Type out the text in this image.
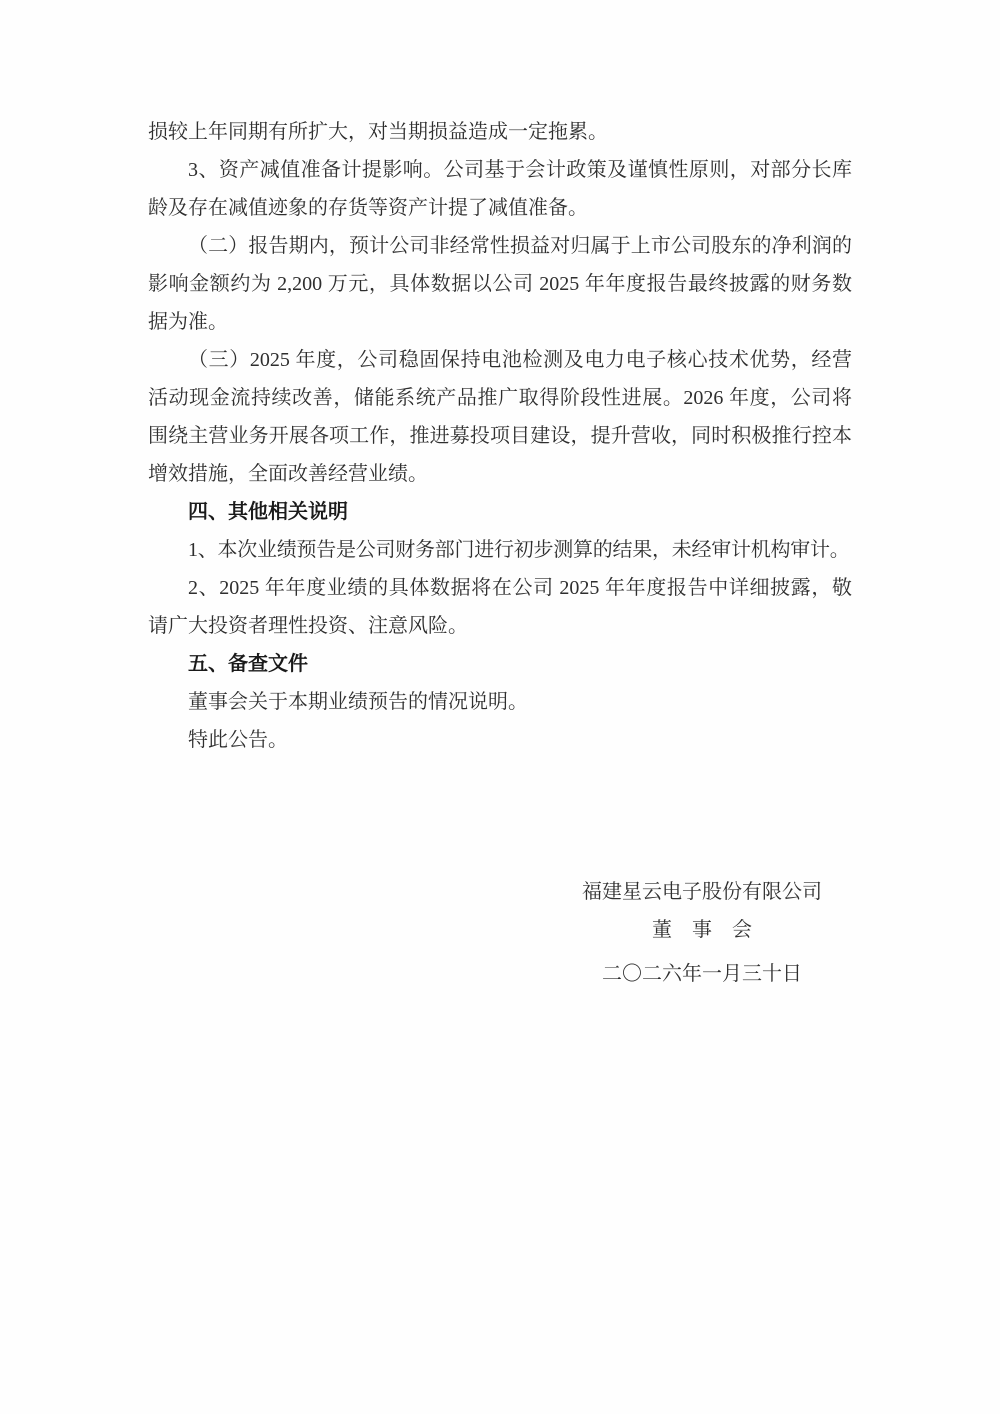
损较上年同期有所扩大，对当期损益造成一定拖累。

3、资产减值准备计提影响。公司基于会计政策及谨慎性原则，对部分长库龄及存在减值迹象的存货等资产计提了减值准备。

（二）报告期内，预计公司非经常性损益对归属于上市公司股东的净利润的影响金额约为 2,200 万元，具体数据以公司 2025 年年度报告最终披露的财务数据为准。

（三）2025 年度，公司稳固保持电池检测及电力电子核心技术优势，经营活动现金流持续改善，储能系统产品推广取得阶段性进展。2026 年度，公司将围绕主营业务开展各项工作，推进募投项目建设，提升营收，同时积极推行控本增效措施，全面改善经营业绩。

四、其他相关说明

1、本次业绩预告是公司财务部门进行初步测算的结果，未经审计机构审计。

2、2025 年年度业绩的具体数据将在公司 2025 年年度报告中详细披露，敬请广大投资者理性投资、注意风险。

五、备查文件

董事会关于本期业绩预告的情况说明。

特此公告。

福建星云电子股份有限公司

董　事　会

二〇二六年一月三十日
